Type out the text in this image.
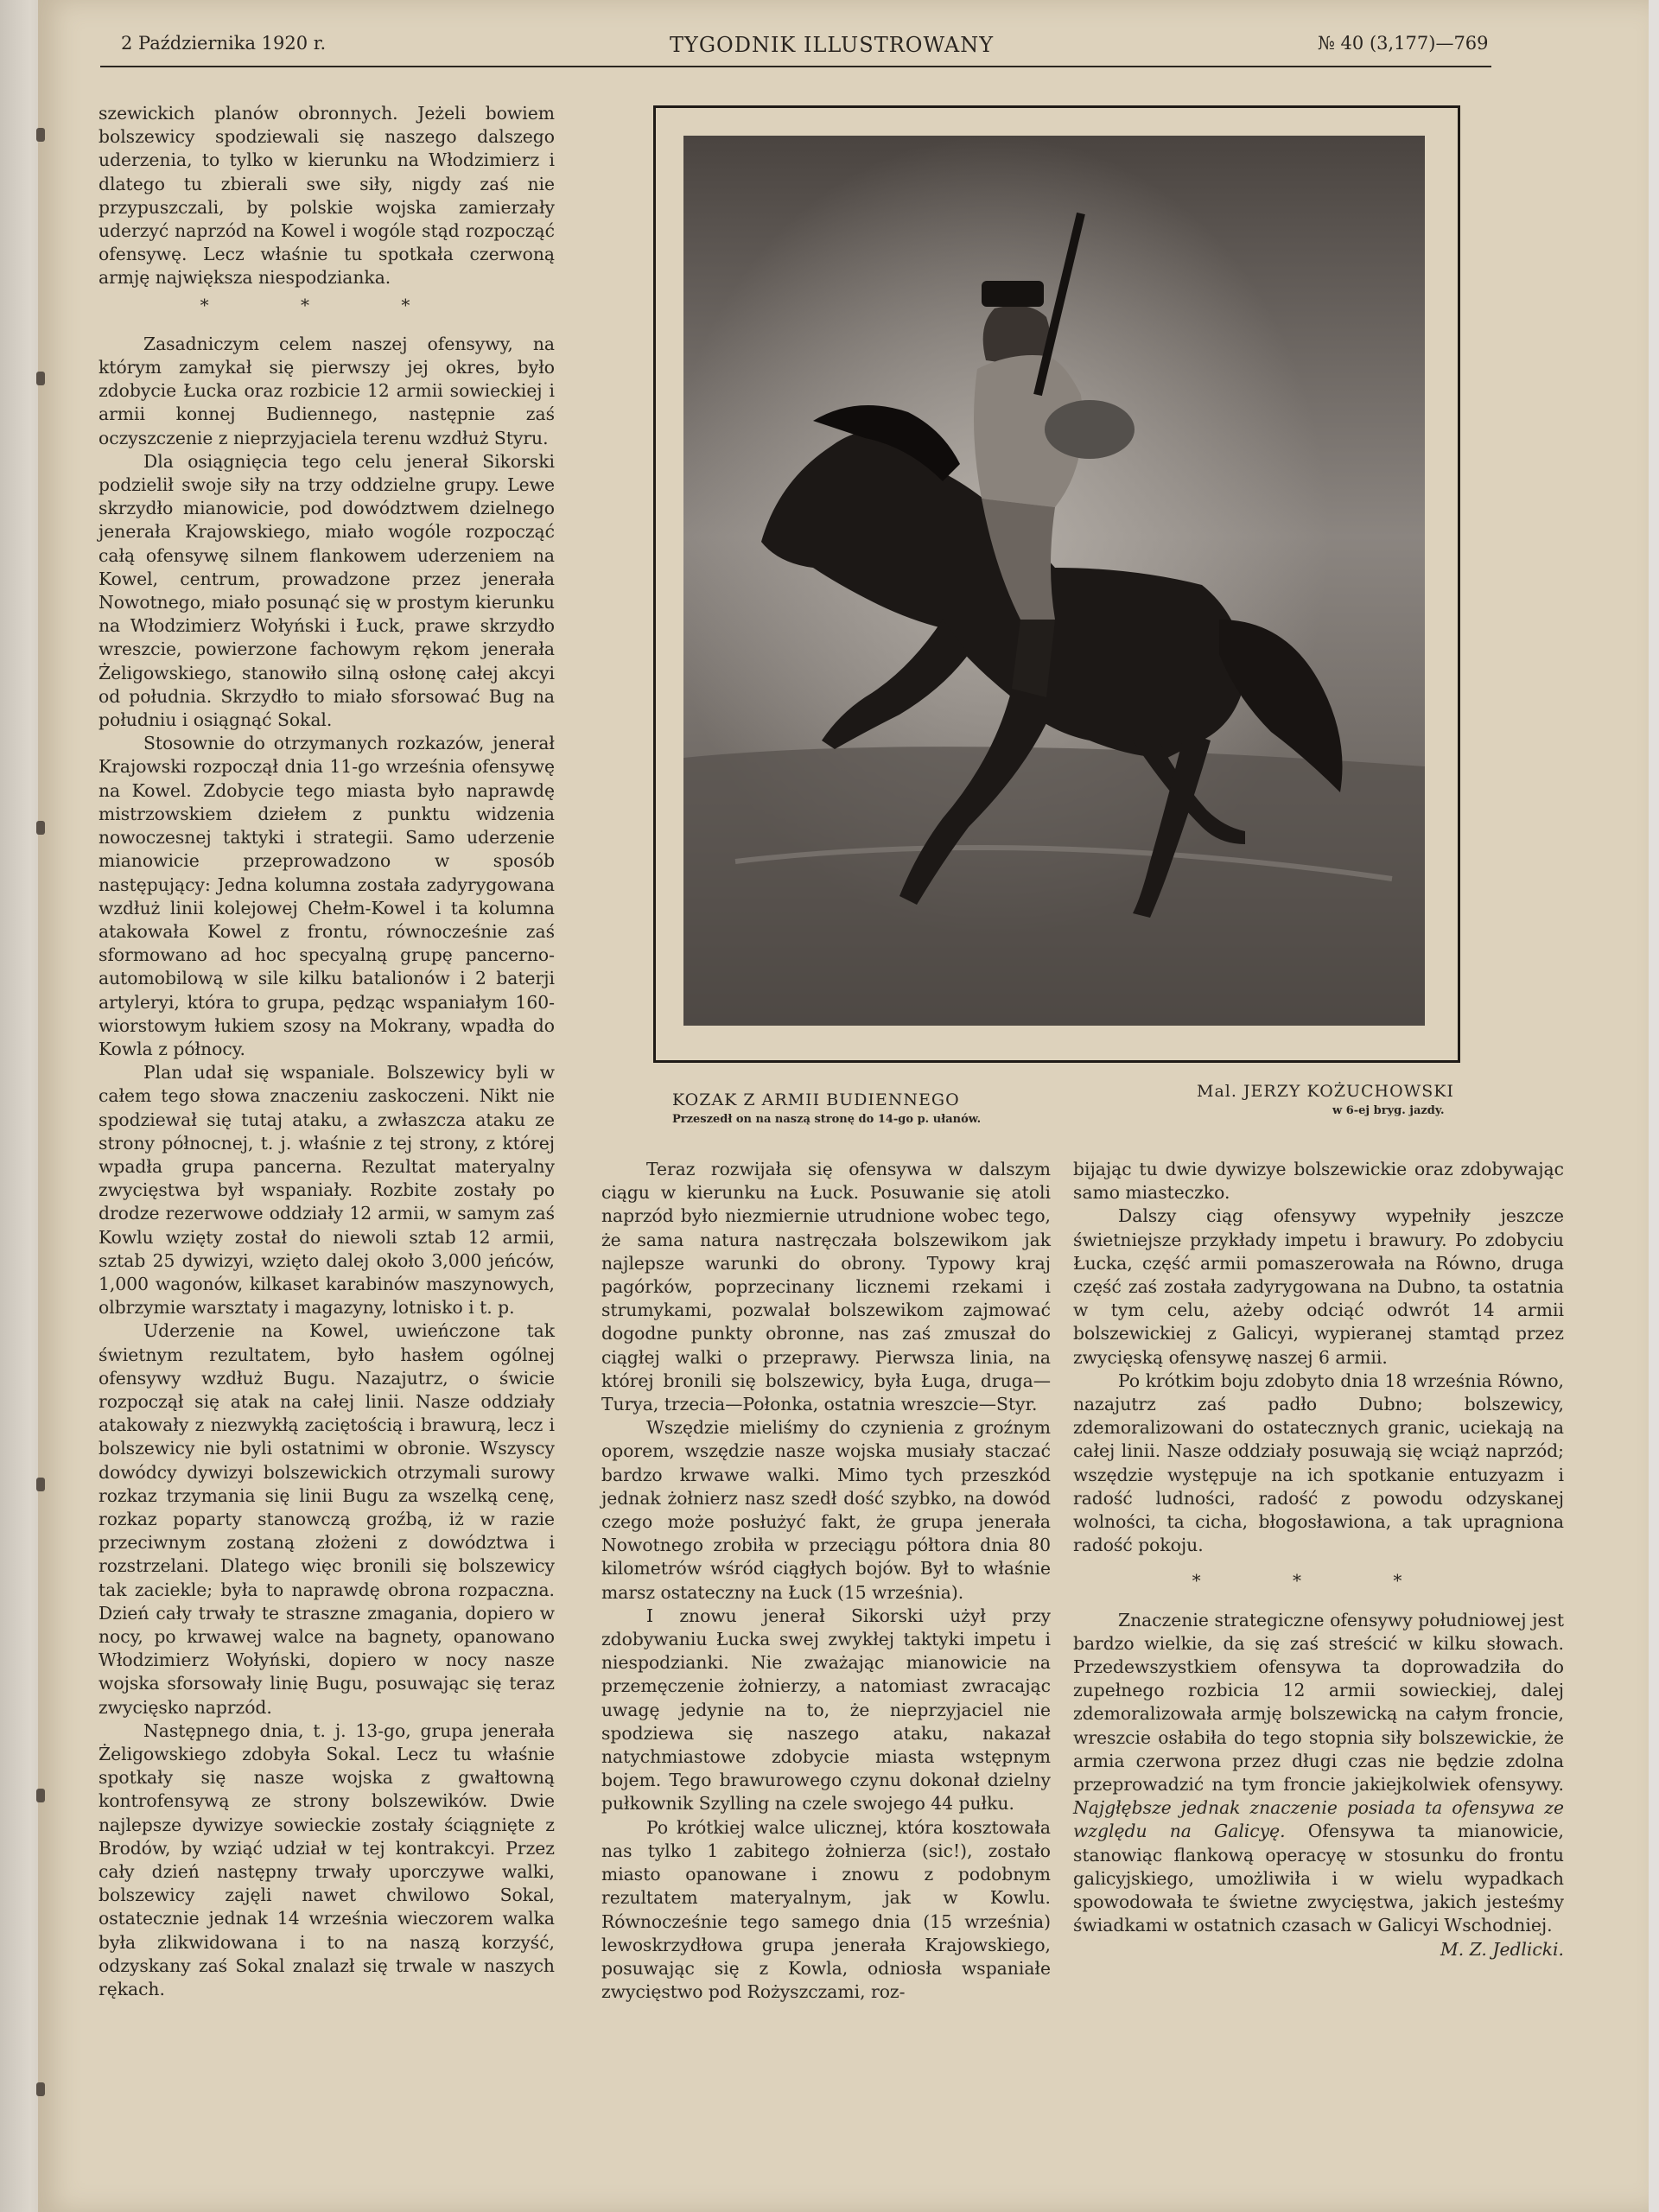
2 Października 1920 r.	TYGODNIK ILLUSTROWANY	№ 40 (3,177)—769

szewickich planów obronnych. Jeżeli bowiem bolszewicy spodziewali się naszego dalszego uderzenia, to tylko w kierunku na Włodzimierz i dlatego tu zbierali swe siły, nigdy zaś nie przypuszczali, by polskie wojska zamierzały uderzyć naprzód na Kowel i wogóle stąd rozpocząć ofensywę. Lecz właśnie tu spotkała czerwoną armję największa niespodzianka.

* * *

Zasadniczym celem naszej ofensywy, na którym zamykał się pierwszy jej okres, było zdobycie Łucka oraz rozbicie 12 armii sowieckiej i armii konnej Budiennego, następnie zaś oczyszczenie z nieprzyjaciela terenu wzdłuż Styru.

Dla osiągnięcia tego celu jenerał Sikorski podzielił swoje siły na trzy oddzielne grupy. Lewe skrzydło mianowicie, pod dowództwem dzielnego jenerała Krajowskiego, miało wogóle rozpocząć całą ofensywę silnem flankowem uderzeniem na Kowel, centrum, prowadzone przez jenerała Nowotnego, miało posunąć się w prostym kierunku na Włodzimierz Wołyński i Łuck, prawe skrzydło wreszcie, powierzone fachowym rękom jenerała Żeligowskiego, stanowiło silną osłonę całej akcyi od południa. Skrzydło to miało sforsować Bug na południu i osiągnąć Sokal.

Stosownie do otrzymanych rozkazów, jenerał Krajowski rozpoczął dnia 11-go września ofensywę na Kowel. Zdobycie tego miasta było naprawdę mistrzowskiem dziełem z punktu widzenia nowoczesnej taktyki i strategii. Samo uderzenie mianowicie przeprowadzono w sposób następujący: Jedna kolumna została zadyrygowana wzdłuż linii kolejowej Chełm-Kowel i ta kolumna atakowała Kowel z frontu, równocześnie zaś sformowano ad hoc specyalną grupę pancerno-automobilową w sile kilku batalionów i 2 baterji artyleryi, która to grupa, pędząc wspaniałym 160-wiorstowym łukiem szosy na Mokrany, wpadła do Kowla z północy.

Plan udał się wspaniale. Bolszewicy byli w całem tego słowa znaczeniu zaskoczeni. Nikt nie spodziewał się tutaj ataku, a zwłaszcza ataku ze strony północnej, t. j. właśnie z tej strony, z której wpadła grupa pancerna. Rezultat materyalny zwycięstwa był wspaniały. Rozbite zostały po drodze rezerwowe oddziały 12 armii, w samym zaś Kowlu wzięty został do niewoli sztab 12 armii, sztab 25 dywizyi, wzięto dalej około 3,000 jeńców, 1,000 wagonów, kilkaset karabinów maszynowych, olbrzymie warsztaty i magazyny, lotnisko i t. p.

Uderzenie na Kowel, uwieńczone tak świetnym rezultatem, było hasłem ogólnej ofensywy wzdłuż Bugu. Nazajutrz, o świcie rozpoczął się atak na całej linii. Nasze oddziały atakowały z niezwykłą zaciętością i brawurą, lecz i bolszewicy nie byli ostatnimi w obronie. Wszyscy dowódcy dywizyi bolszewickich otrzymali surowy rozkaz trzymania się linii Bugu za wszelką cenę, rozkaz poparty stanowczą groźbą, iż w razie przeciwnym zostaną złożeni z dowództwa i rozstrzelani. Dlatego więc bronili się bolszewicy tak zaciekle; była to naprawdę obrona rozpaczna. Dzień cały trwały te straszne zmagania, dopiero w nocy, po krwawej walce na bagnety, opanowano Włodzimierz Wołyński, dopiero w nocy nasze wojska sforsowały linię Bugu, posuwając się teraz zwycięsko naprzód.

Następnego dnia, t. j. 13-go, grupa jenerała Żeligowskiego zdobyła Sokal. Lecz tu właśnie spotkały się nasze wojska z gwałtowną kontrofensywą ze strony bolszewików. Dwie najlepsze dywizye sowieckie zostały ściągnięte z Brodów, by wziąć udział w tej kontrakcyi. Przez cały dzień następny trwały uporczywe walki, bolszewicy zajęli nawet chwilowo Sokal, ostatecznie jednak 14 września wieczorem walka była zlikwidowana i to na naszą korzyść, odzyskany zaś Sokal znalazł się trwale w naszych rękach.

KOZAK Z ARMII BUDIENNEGO
Przeszedł on na naszą stronę do 14-go p. ułanów.
Mal. JERZY KOŻUCHOWSKI
w 6-ej bryg. jazdy.

Teraz rozwijała się ofensywa w dalszym ciągu w kierunku na Łuck. Posuwanie się atoli naprzód było niezmiernie utrudnione wobec tego, że sama natura nastręczała bolszewikom jak najlepsze warunki do obrony. Typowy kraj pagórków, poprzecinany licznemi rzekami i strumykami, pozwalał bolszewikom zajmować dogodne punkty obronne, nas zaś zmuszał do ciągłej walki o przeprawy. Pierwsza linia, na której bronili się bolszewicy, była Ługa, druga—Turya, trzecia—Połonka, ostatnia wreszcie—Styr.

Wszędzie mieliśmy do czynienia z groźnym oporem, wszędzie nasze wojska musiały staczać bardzo krwawe walki. Mimo tych przeszkód jednak żołnierz nasz szedł dość szybko, na dowód czego może posłużyć fakt, że grupa jenerała Nowotnego zrobiła w przeciągu półtora dnia 80 kilometrów wśród ciągłych bojów. Był to właśnie marsz ostateczny na Łuck (15 września).

I znowu jenerał Sikorski użył przy zdobywaniu Łucka swej zwykłej taktyki impetu i niespodzianki. Nie zważając mianowicie na przemęczenie żołnierzy, a natomiast zwracając uwagę jedynie na to, że nieprzyjaciel nie spodziewa się naszego ataku, nakazał natychmiastowe zdobycie miasta wstępnym bojem. Tego brawurowego czynu dokonał dzielny pułkownik Szylling na czele swojego 44 pułku.

Po krótkiej walce ulicznej, która kosztowała nas tylko 1 zabitego żołnierza (sic!), zostało miasto opanowane i znowu z podobnym rezultatem materyalnym, jak w Kowlu. Równocześnie tego samego dnia (15 września) lewoskrzydłowa grupa jenerała Krajowskiego, posuwając się z Kowla, odniosła wspaniałe zwycięstwo pod Rożyszczami, roz-

bijając tu dwie dywizye bolszewickie oraz zdobywając samo miasteczko.

Dalszy ciąg ofensywy wypełniły jeszcze świetniejsze przykłady impetu i brawury. Po zdobyciu Łucka, część armii pomaszerowała na Równo, druga część zaś została zadyrygowana na Dubno, ta ostatnia w tym celu, ażeby odciąć odwrót 14 armii bolszewickiej z Galicyi, wypieranej stamtąd przez zwycięską ofensywę naszej 6 armii.

Po krótkim boju zdobyto dnia 18 września Równo, nazajutrz zaś padło Dubno; bolszewicy, zdemoralizowani do ostatecznych granic, uciekają na całej linii. Nasze oddziały posuwają się wciąż naprzód; wszędzie występuje na ich spotkanie entuzyazm i radość ludności, radość z powodu odzyskanej wolności, ta cicha, błogosławiona, a tak upragniona radość pokoju.

* * *

Znaczenie strategiczne ofensywy południowej jest bardzo wielkie, da się zaś streścić w kilku słowach. Przedewszystkiem ofensywa ta doprowadziła do zupełnego rozbicia 12 armii sowieckiej, dalej zdemoralizowała armję bolszewicką na całym froncie, wreszcie osłabiła do tego stopnia siły bolszewickie, że armia czerwona przez długi czas nie będzie zdolna przeprowadzić na tym froncie jakiejkolwiek ofensywy. Najgłębsze jednak znaczenie posiada ta ofensywa ze względu na Galicyę. Ofensywa ta mianowicie, stanowiąc flankową operacyę w stosunku do frontu galicyjskiego, umożliwiła i w wielu wypadkach spowodowała te świetne zwycięstwa, jakich jesteśmy świadkami w ostatnich czasach w Galicyi Wschodniej.

M. Z. Jedlicki.
